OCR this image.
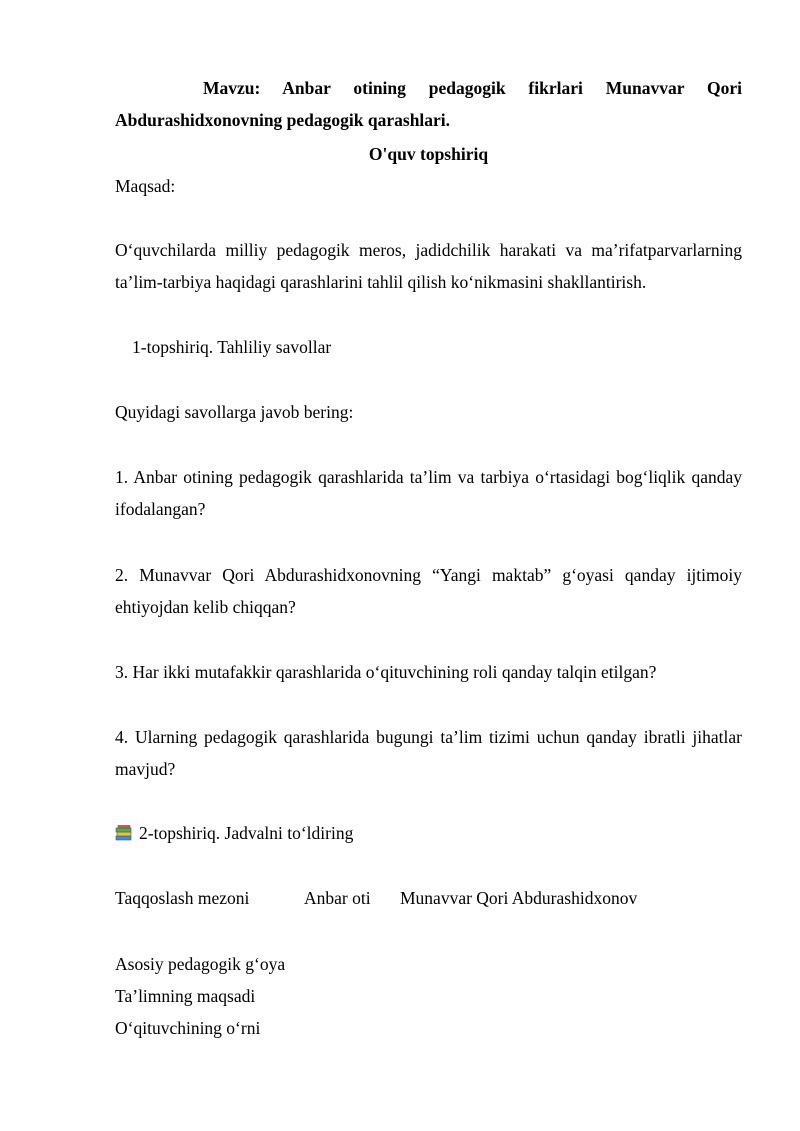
Mavzu: Anbar otining pedagogik fikrlari Munavvar Qori Abdurashidxonovning pedagogik qarashlari.

O'quv topshiriq

Maqsad:

O‘quvchilarda milliy pedagogik meros, jadidchilik harakati va ma’rifatparvarlarning ta’lim-tarbiya haqidagi qarashlarini tahlil qilish ko‘nikmasini shakllantirish.

1-topshiriq. Tahliliy savollar

Quyidagi savollarga javob bering:

1. Anbar otining pedagogik qarashlarida ta’lim va tarbiya o‘rtasidagi bog‘liqlik qanday ifodalangan?

2. Munavvar Qori Abdurashidxonovning “Yangi maktab” g‘oyasi qanday ijtimoiy ehtiyojdan kelib chiqqan?

3. Har ikki mutafakkir qarashlarida o‘qituvchining roli qanday talqin etilgan?

4. Ularning pedagogik qarashlarida bugungi ta’lim tizimi uchun qanday ibratli jihatlar mavjud?

2-topshiriq. Jadvalni to‘ldiring

Taqqoslash mezoni	Anbar oti Munavvar Qori Abdurashidxonov
Asosiy pedagogik g‘oya
Ta’limning maqsadi
O‘qituvchining o‘rni
